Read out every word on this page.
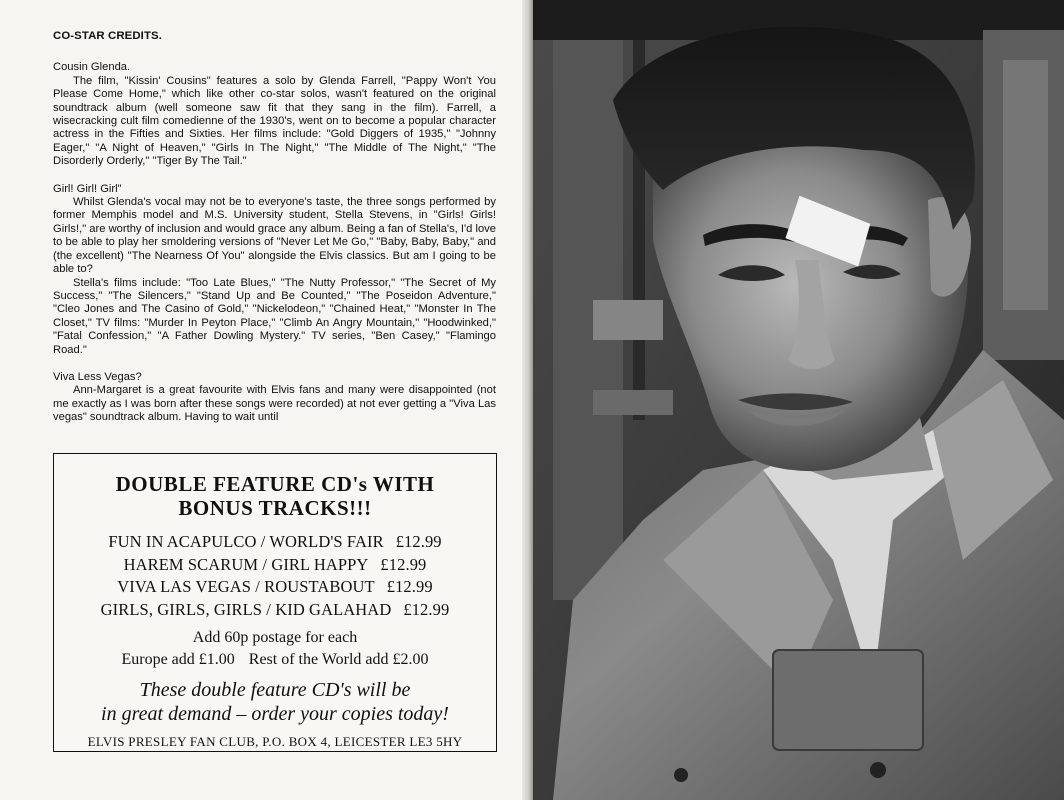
CO-STAR CREDITS.

Cousin Glenda.

The film, "Kissin' Cousins" features a solo by Glenda Farrell, "Pappy Won't You Please Come Home," which like other co-star solos, wasn't featured on the original soundtrack album (well someone saw fit that they sang in the film). Farrell, a wisecracking cult film comedienne of the 1930's, went on to become a popular character actress in the Fifties and Sixties. Her films include: "Gold Diggers of 1935," "Johnny Eager," "A Night of Heaven," "Girls In The Night," "The Middle of The Night," "The Disorderly Orderly," "Tiger By The Tail."

Girl! Girl! Girl"

Whilst Glenda's vocal may not be to everyone's taste, the three songs performed by former Memphis model and M.S. University student, Stella Stevens, in "Girls! Girls! Girls!," are worthy of inclusion and would grace any album. Being a fan of Stella's, I'd love to be able to play her smoldering versions of "Never Let Me Go," "Baby, Baby, Baby," and (the excellent) "The Nearness Of You" alongside the Elvis classics. But am I going to be able to?

Stella's films include: "Too Late Blues," "The Nutty Professor," "The Secret of My Success," "The Silencers," "Stand Up and Be Counted," "The Poseidon Adventure," "Cleo Jones and The Casino of Gold," "Nickelodeon," "Chained Heat," "Monster In The Closet," TV films: "Murder In Peyton Place," "Climb An Angry Mountain," "Hoodwinked," "Fatal Confession," "A Father Dowling Mystery." TV series, "Ben Casey," "Flamingo Road."

Viva Less Vegas?

Ann-Margaret is a great favourite with Elvis fans and many were disappointed (not me exactly as I was born after these songs were recorded) at not ever getting a "Viva Las vegas" soundtrack album. Having to wait until

DOUBLE FEATURE CD's WITH
BONUS TRACKS!!!
FUN IN ACAPULCO / WORLD'S FAIR £12.99
HAREM SCARUM / GIRL HAPPY £12.99
VIVA LAS VEGAS / ROUSTABOUT £12.99
GIRLS, GIRLS, GIRLS / KID GALAHAD £12.99
Add 60p postage for each
Europe add £1.00 Rest of the World add £2.00
These double feature CD's will be
in great demand – order your copies today!
ELVIS PRESLEY FAN CLUB, P.O. BOX 4, LEICESTER LE3 5HY
